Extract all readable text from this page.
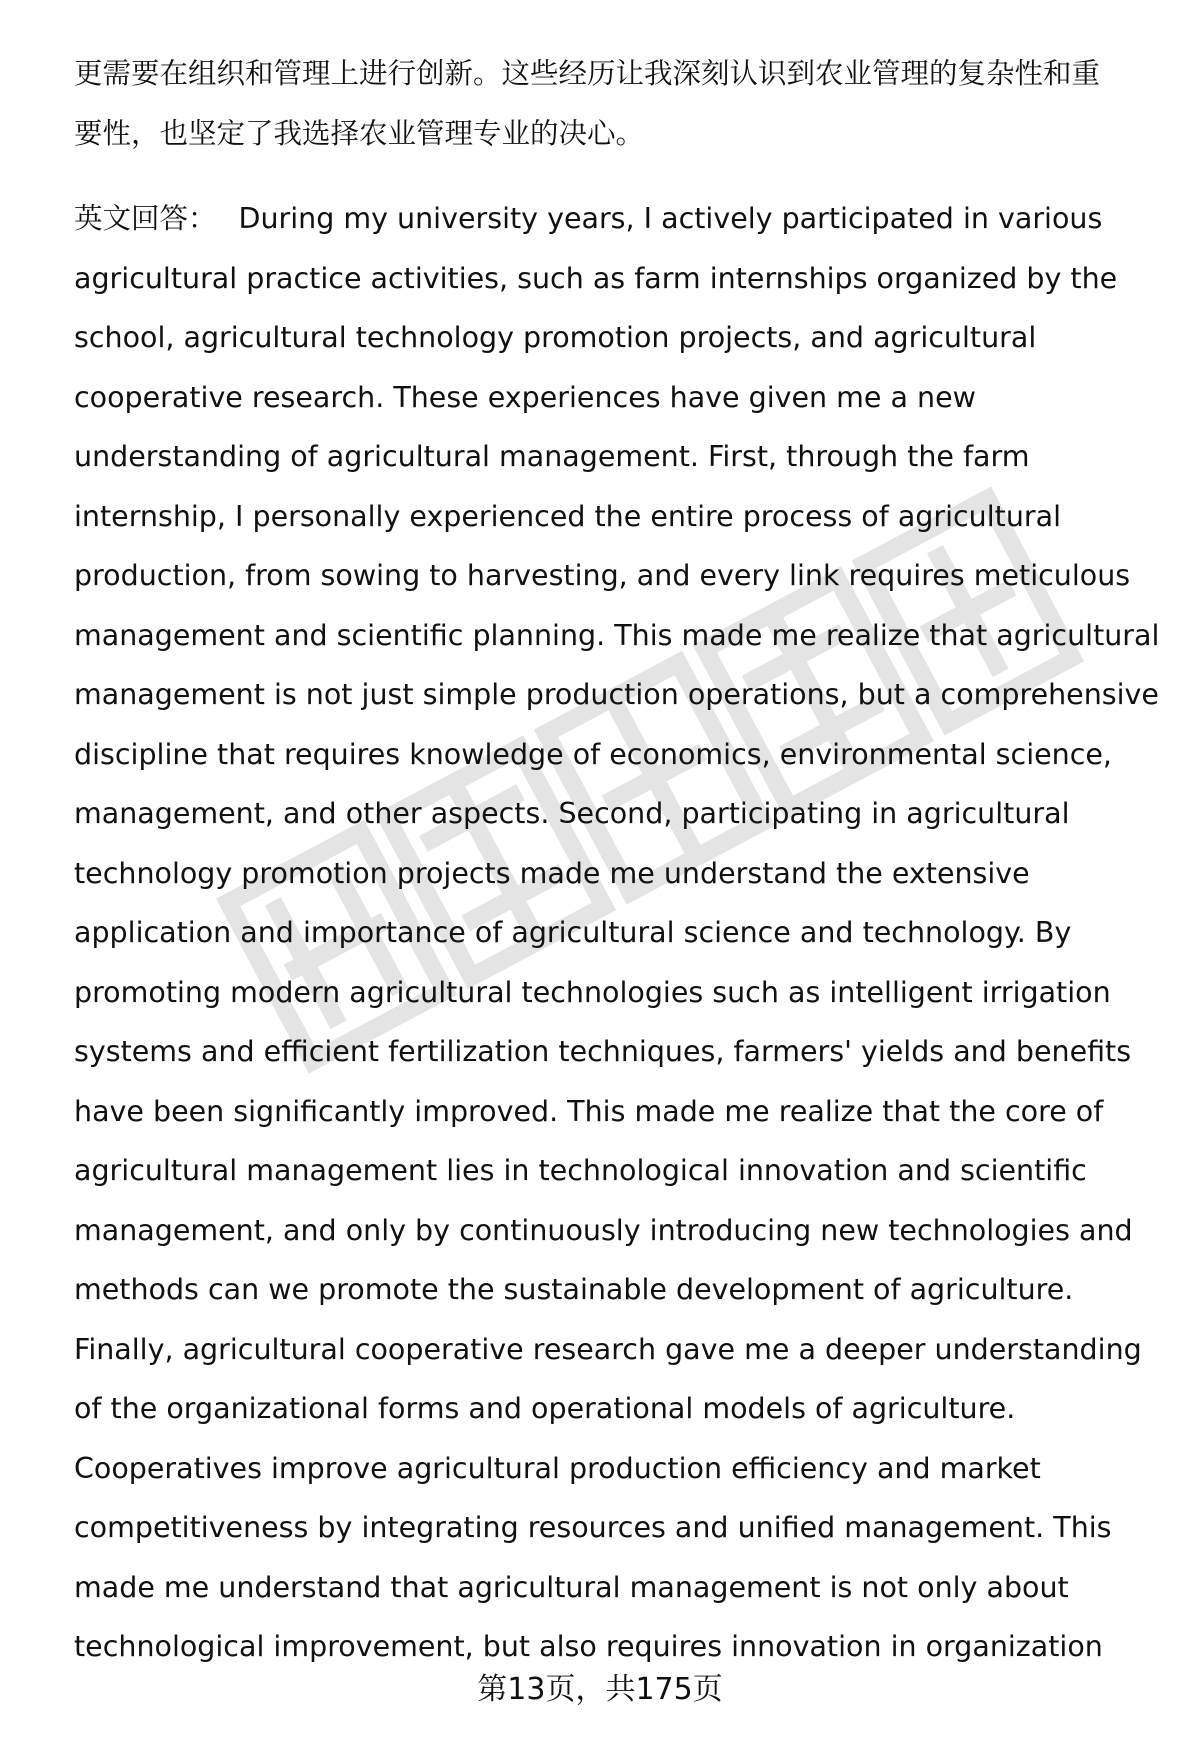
更需要在组织和管理上进行创新。这些经历让我深刻认识到农业管理的复杂性和重
要性，也坚定了我选择农业管理专业的决心。

英文回答： During my university years, I actively participated in various
agricultural practice activities, such as farm internships organized by the
school, agricultural technology promotion projects, and agricultural
cooperative research. These experiences have given me a new
understanding of agricultural management. First, through the farm
internship, I personally experienced the entire process of agricultural
production, from sowing to harvesting, and every link requires meticulous
management and scientific planning. This made me realize that agricultural
management is not just simple production operations, but a comprehensive
discipline that requires knowledge of economics, environmental science,
management, and other aspects. Second, participating in agricultural
technology promotion projects made me understand the extensive
application and importance of agricultural science and technology. By
promoting modern agricultural technologies such as intelligent irrigation
systems and efficient fertilization techniques, farmers' yields and benefits
have been significantly improved. This made me realize that the core of
agricultural management lies in technological innovation and scientific
management, and only by continuously introducing new technologies and
methods can we promote the sustainable development of agriculture.
Finally, agricultural cooperative research gave me a deeper understanding
of the organizational forms and operational models of agriculture.
Cooperatives improve agricultural production efficiency and market
competitiveness by integrating resources and unified management. This
made me understand that agricultural management is not only about
technological improvement, but also requires innovation in organization

第13页，共175页
